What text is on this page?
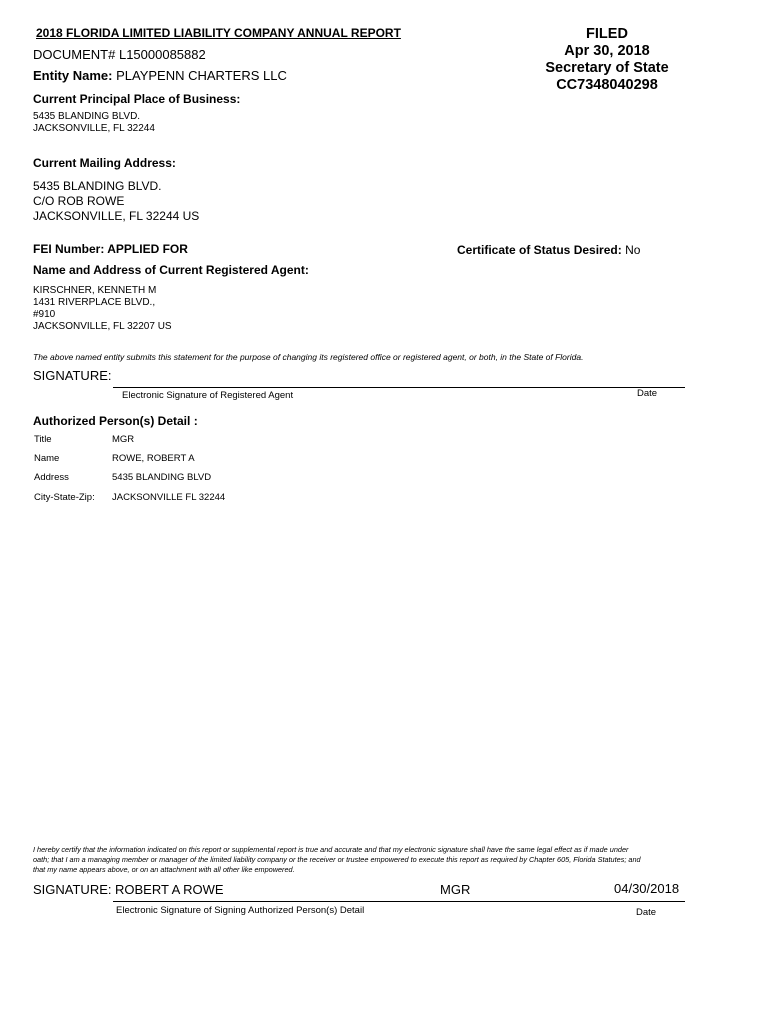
2018 FLORIDA LIMITED LIABILITY COMPANY ANNUAL REPORT
DOCUMENT# L15000085882
Entity Name: PLAYPENN CHARTERS LLC
FILED
Apr 30, 2018
Secretary of State
CC7348040298
Current Principal Place of Business:
5435 BLANDING BLVD.
JACKSONVILLE, FL 32244
Current Mailing Address:
5435 BLANDING BLVD.
C/O ROB ROWE
JACKSONVILLE, FL 32244 US
FEI Number: APPLIED FOR	Certificate of Status Desired: No
Name and Address of Current Registered Agent:
KIRSCHNER, KENNETH M
1431 RIVERPLACE BLVD.,
#910
JACKSONVILLE, FL 32207 US
The above named entity submits this statement for the purpose of changing its registered office or registered agent, or both, in the State of Florida.
SIGNATURE:
Electronic Signature of Registered Agent	Date
Authorized Person(s) Detail :
Title	MGR
Name	ROWE, ROBERT A
Address	5435 BLANDING BLVD
City-State-Zip: JACKSONVILLE FL 32244
I hereby certify that the information indicated on this report or supplemental report is true and accurate and that my electronic signature shall have the same legal effect as if made under
oath; that I am a managing member or manager of the limited liability company or the receiver or trustee empowered to execute this report as required by Chapter 605, Florida Statutes; and
that my name appears above, or on an attachment with all other like empowered.
SIGNATURE: ROBERT A ROWE	MGR	04/30/2018
Electronic Signature of Signing Authorized Person(s) Detail	Date
